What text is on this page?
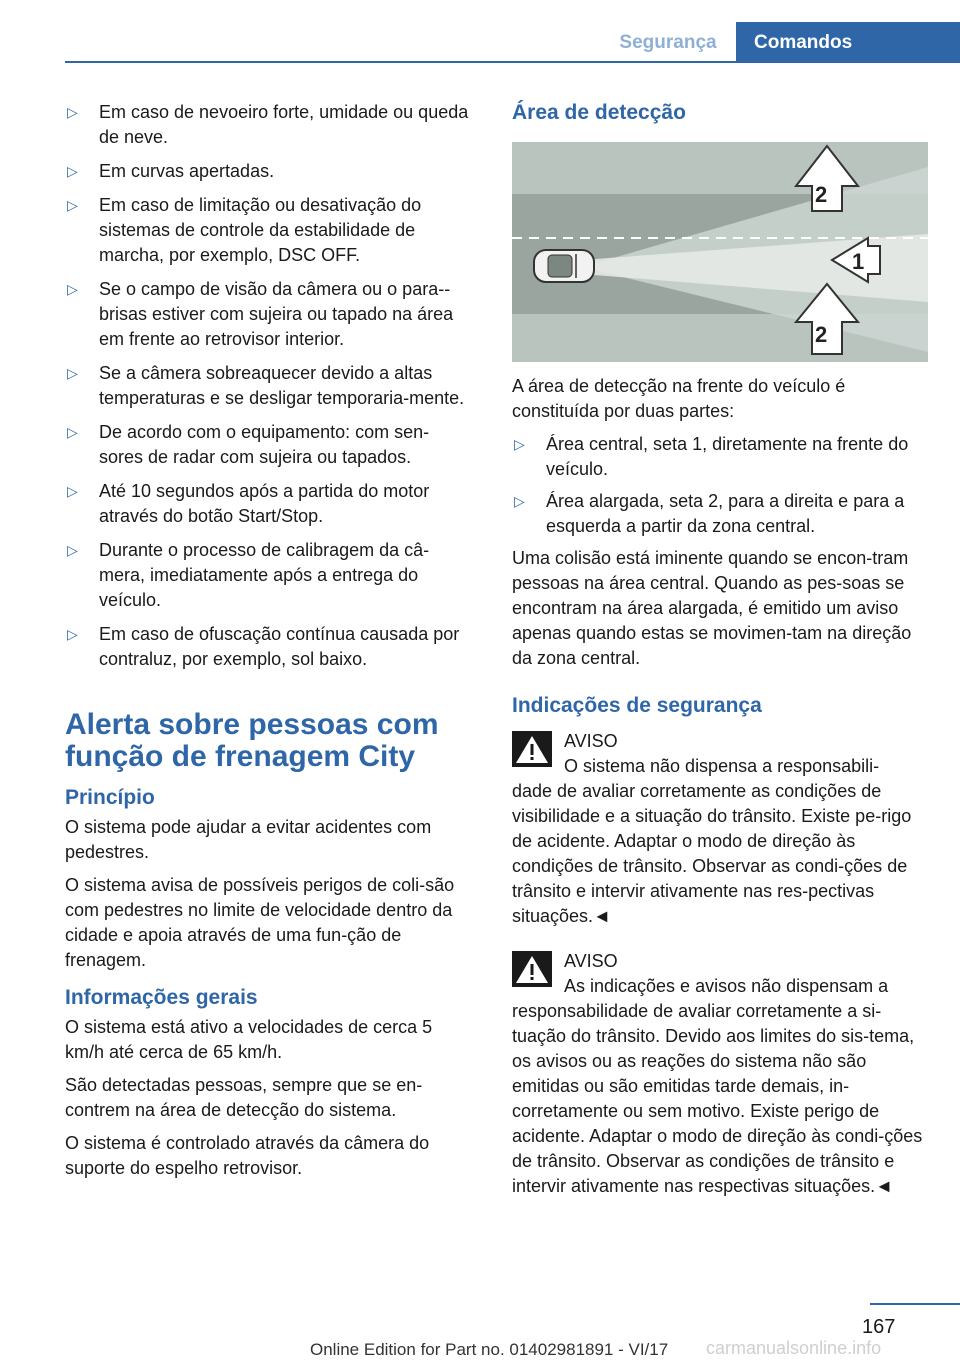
Segurança	Comandos
▷ Em caso de nevoeiro forte, umidade ou queda de neve.
▷ Em curvas apertadas.
▷ Em caso de limitação ou desativação do sistemas de controle da estabilidade de marcha, por exemplo, DSC OFF.
▷ Se o campo de visão da câmera ou o para--brisas estiver com sujeira ou tapado na área em frente ao retrovisor interior.
▷ Se a câmera sobreaquecer devido a altas temperaturas e se desligar temporaria‐mente.
▷ De acordo com o equipamento: com sen‐sores de radar com sujeira ou tapados.
▷ Até 10 segundos após a partida do motor através do botão Start/Stop.
▷ Durante o processo de calibragem da câ‐mera, imediatamente após a entrega do veículo.
▷ Em caso de ofuscação contínua causada por contraluz, por exemplo, sol baixo.
Alerta sobre pessoas com função de frenagem City
Princípio

O sistema pode ajudar a evitar acidentes com pedestres.

O sistema avisa de possíveis perigos de coli‐são com pedestres no limite de velocidade dentro da cidade e apoia através de uma fun‐ção de frenagem.

Informações gerais

O sistema está ativo a velocidades de cerca 5 km/h até cerca de 65 km/h.

São detectadas pessoas, sempre que se en‐contrem na área de detecção do sistema.

O sistema é controlado através da câmera do suporte do espelho retrovisor.

Área de detecção
2
1
2

A área de detecção na frente do veículo é constituída por duas partes:

▷ Área central, seta 1, diretamente na frente do veículo.
▷ Área alargada, seta 2, para a direita e para a esquerda a partir da zona central.

Uma colisão está iminente quando se encon‐tram pessoas na área central. Quando as pes‐soas se encontram na área alargada, é emitido um aviso apenas quando estas se movimen‐tam na direção da zona central.

Indicações de segurança
AVISO
O sistema não dispensa a responsabili‐
dade de avaliar corretamente as condições de visibilidade e a situação do trânsito. Existe pe‐rigo de acidente. Adaptar o modo de direção às condições de trânsito. Observar as condi‐ções de trânsito e intervir ativamente nas res‐pectivas situações.◄
AVISO
As indicações e avisos não dispensam a
responsabilidade de avaliar corretamente a si‐tuação do trânsito. Devido aos limites do sis‐tema, os avisos ou as reações do sistema não são emitidas ou são emitidas tarde demais, in‐corretamente ou sem motivo. Existe perigo de acidente. Adaptar o modo de direção às condi‐ções de trânsito. Observar as condições de trânsito e intervir ativamente nas respectivas situações.◄
167
Online Edition for Part no. 01402981891 - VI/17 carmanualsonline.info
